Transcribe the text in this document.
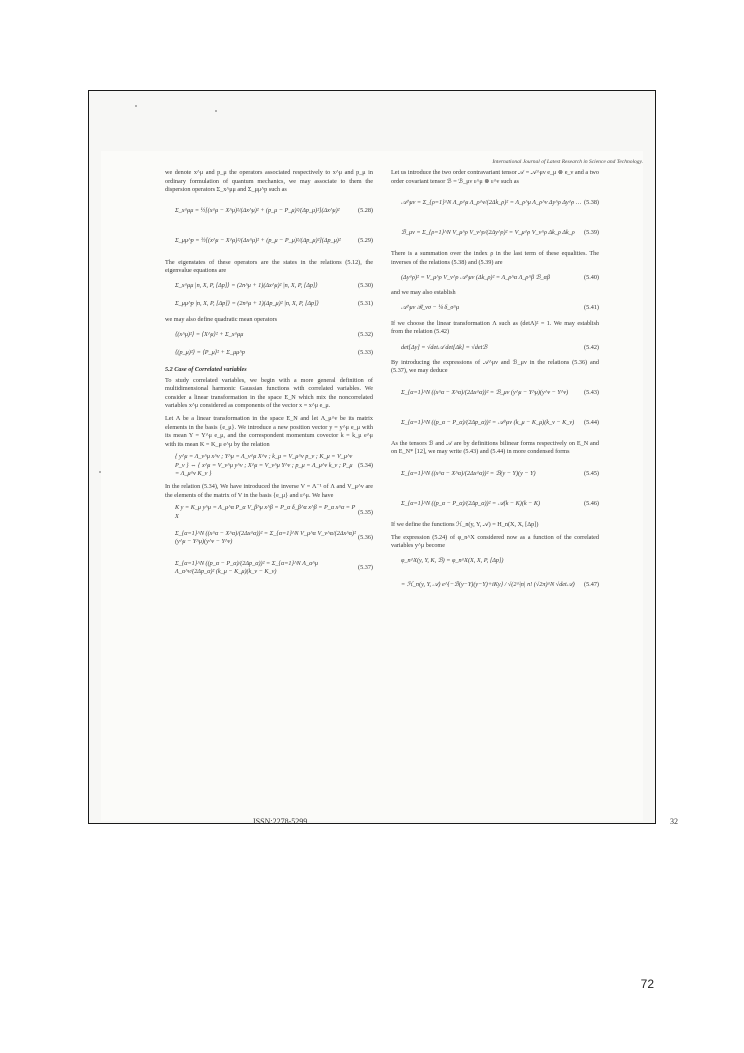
International Journal of Latest Research in Science and Technology.

we denote x^μ and p_μ the operators associated respectively to x^μ and p_μ in ordinary formulation of quantum mechanics, we may associate to them the dispersion operators Σ_x^μμ and Σ_μμ^p such as

Σ_x^μμ = ½[(x^μ − X^μ)²/(Δx^μ)² + (p_μ − P_μ)²/(Δp_μ)²](Δx^μ)²	(5.28)
Σ_μμ^p = ½[(x^μ − X^μ)²/(Δx^μ)² + (p_μ − P_μ)²/(Δp_μ)²](Δp_μ)²	(5.29)

The eigenstates of these operators are the states in the relations (5.12), the eigenvalue equations are

Σ_x^μμ |n, X, P, [Δp]⟩ = (2n^μ + 1)(Δx^μ)² |n, X, P, [Δp]⟩	(5.30)
Σ_μμ^p |n, X, P, [Δp]⟩ = (2n^μ + 1)(Δp_μ)² |n, X, P, [Δp]⟩	(5.31)

we may also define quadratic mean operators

⟨(x^μ)²⟩ = ⟨X^μ⟩² + Σ_x^μμ	(5.32)
⟨(p_μ)²⟩ = ⟨P_μ⟩² + Σ_μμ^p	(5.33)
5.2 Case of Correlated variables

To study correlated variables, we begin with a more general definition of multidimensional harmonic Gaussian functions with correlated variables. We consider a linear transformation in the space E_N which mix the noncorrelated variables x^μ considered as components of the vector x = x^μ e_μ.

Let Λ be a linear transformation in the space E_N and let Λ_μ^ν be its matrix elements in the basis {e_μ}. We introduce a new position vector y = y^μ e_μ with its mean Y = Y^μ e_μ, and the correspondent momentum covector k = k_μ e^μ with its mean K = K_μ e^μ by the relation

{ y^μ = Λ_ν^μ x^ν ; Y^μ = Λ_ν^μ X^ν ; k_μ = V_μ^ν p_ν ; K_μ = V_μ^ν P_ν } ⇔ { x^μ = V_ν^μ y^ν ; X^μ = V_ν^μ Y^ν ; p_μ = Λ_μ^ν k_ν ; P_μ = Λ_μ^ν K_ν }
(5.34)

In the relation (5.34), We have introduced the inverse V = Λ⁻¹ of Λ and V_μ^ν are the elements of the matrix of V in the basis {e_μ} and ε^μ. We have

K y = K_μ y^μ = Λ_μ^α P_α V_β^μ x^β = P_α δ_β^α x^β = P_α x^α = P X
(5.35)
Σ_{α=1}^N ((x^α − X^α)/(2Δx^α))² = Σ_{α=1}^N V_μ^α V_ν^α/(2Δx^α)² (y^μ − Y^μ)(y^ν − Y^ν)
(5.36)
Σ_{α=1}^N ((p_α − P_α)/(2Δp_α))² = Σ_{α=1}^N Λ_α^μ Λ_α^ν/(2Δp_α)² (k_μ − K_μ)(k_ν − K_ν)
(5.37)

Let us introduce the two order contravariant tensor 𝒜 = 𝒜^μν e_μ ⊗ e_ν and a two order covariant tensor ℬ = ℬ_μν ε^μ ⊗ ε^ν such as

𝒜^μν = Σ_{ρ=1}^N Λ_ρ^μ Λ_ρ^ν/(2Δk_ρ)² = Λ_ρ^μ Λ_ρ^ν Δy^ρ Δy^ρ … (5.38)
ℬ_μν = Σ_{ρ=1}^N V_μ^ρ V_ν^ρ/(2Δy^ρ)² = V_μ^ρ V_ν^ρ Δk_ρ Δk_ρ (5.39)

There is a summation over the index ρ in the last term of these equalities. The inverses of the relations (5.38) and (5.39) are

(Δy^ρ)² = V_μ^ρ V_ν^ρ 𝒜^μν (Δk_ρ)² = Λ_ρ^α Λ_ρ^β ℬ_αβ	(5.40)

and we may also establish

𝒜^μν ℬ_νσ − ¼ δ_σ^μ	(5.41)

If we choose the linear transformation Λ such as (detΛ)² = 1. We may establish from the relation (5.42)

det[Δy] = √det𝒜 det[Δk] = √detℬ	(5.42)

By introducing the expressions of 𝒜^μν and ℬ_μν in the relations (5.36) and (5.37), we may deduce

Σ_{α=1}^N ((x^α − X^α)/(2Δx^α))² = ℬ_μν (y^μ − Y^μ)(y^ν − Y^ν)	(5.43)
Σ_{α=1}^N ((p_α − P_α)/(2Δp_α))² = 𝒜^μν (k_μ − K_μ)(k_ν − K_ν) (5.44)

As the tensors ℬ and 𝒜 are by definitions bilinear forms respectively on E_N and on E_N* [12], we may write (5.43) and (5.44) in more condensed forms

Σ_{α=1}^N ((x^α − X^α)/(2Δx^α))² = ℬ(y − Y)(y − Y)	(5.45)
Σ_{α=1}^N ((p_α − P_α)/(2Δp_α))² = 𝒜(k − K)(k − K)	(5.46)

If we define the functions ℋ_n(y, Y, 𝒜) = H_n(X, X, [Δp])

The expression (5.24) of φ_n^X considered now as a function of the correlated variables y^μ become

φ_n^X(y, Y, K, ℬ) = φ_n^X(X, X, P, [Δp])
= ℋ_n(y, Y, 𝒜) e^{−ℬ(y−Y)(y−Y)+iKy} / √(2^|n| n! (√2π)^N √det𝒜) (5.47)
ISSN:2278-5299	32
72
